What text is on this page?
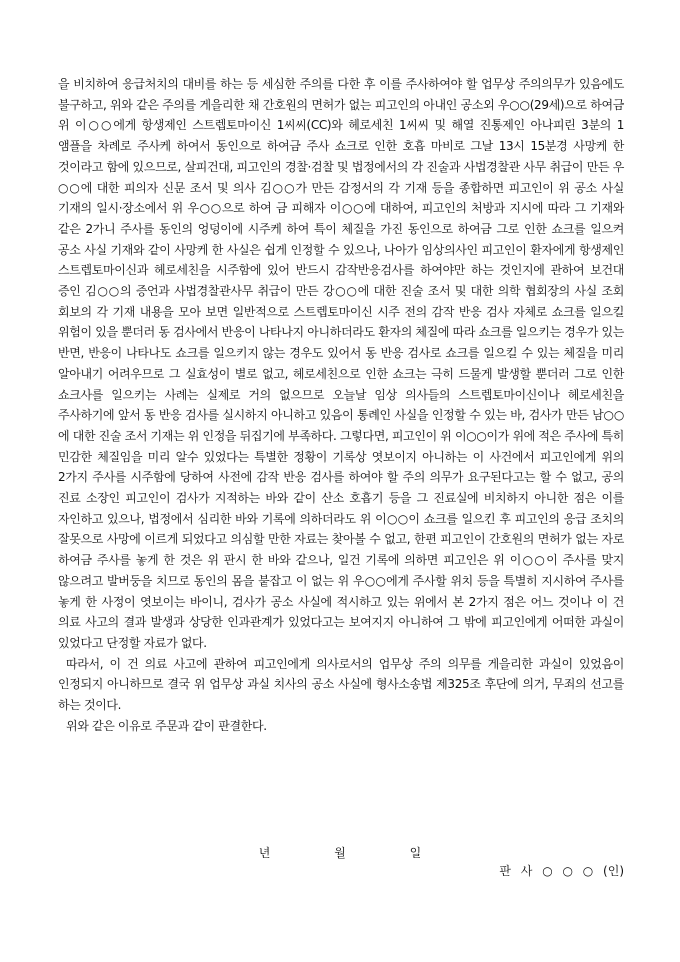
을 비치하여 응급처치의 대비를 하는 등 세심한 주의를 다한 후 이를 주사하여야 할 업무상 주의의무가 있음에도 불구하고, 위와 같은 주의를 게을리한 채 간호원의 면허가 없는 피고인의 아내인 공소외 우○○(29세)으로 하여금 위 이○○에게 항생제인 스트렙토마이신 1씨씨(CC)와 헤로세친 1씨씨 및 해열 진통제인 아나피린 3분의 1 앰플을 차례로 주사케 하여서 동인으로 하여금 주사 쇼크로 인한 호흡 마비로 그날 13시 15분경 사망케 한 것이라고 함에 있으므로, 살피건대, 피고인의 경찰·검찰 및 법정에서의 각 진술과 사법경찰관 사무 취급이 만든 우○○에 대한 피의자 신문 조서 및 의사 김○○가 만든 감정서의 각 기재 등을 종합하면 피고인이 위 공소 사실 기재의 일시·장소에서 위 우○○으로 하여 금 피해자 이○○에 대하여, 피고인의 처방과 지시에 따라 그 기재와 같은 2가니 주사를 동인의 엉덩이에 시주케 하여 특이 체질을 가진 동인으로 하여금 그로 인한 쇼크를 일으켜 공소 사실 기재와 같이 사망케 한 사실은 쉽게 인정할 수 있으나, 나아가 임상의사인 피고인이 환자에게 항생제인 스트렙토마이신과 헤로세친을 시주함에 있어 반드시 감작반응검사를 하여야만 하는 것인지에 관하여 보건대 증인 김○○의 증언과 사법경찰관사무 취급이 만든 강○○에 대한 진술 조서 및 대한 의학 협회장의 사실 조회 회보의 각 기재 내용을 모아 보면 일반적으로 스트렙토마이신 시주 전의 감작 반응 검사 자체로 쇼크를 일으킬 위험이 있을 뿐더러 동 검사에서 반응이 나타나지 아니하더라도 환자의 체질에 따라 쇼크를 일으키는 경우가 있는 반면, 반응이 나타나도 쇼크를 일으키지 않는 경우도 있어서 동 반응 검사로 쇼크를 일으킬 수 있는 체질을 미리 알아내기 어려우므로 그 실효성이 별로 없고, 헤로세친으로 인한 쇼크는 극히 드물게 발생할 뿐더러 그로 인한 쇼크사를 일으키는 사례는 실제로 거의 없으므로 오늘날 임상 의사들의 스트렙토마이신이나 헤로세친을 주사하기에 앞서 동 반응 검사를 실시하지 아니하고 있음이 통례인 사실을 인정할 수 있는 바, 검사가 만든 남○○에 대한 진술 조서 기재는 위 인정을 뒤집기에 부족하다. 그렇다면, 피고인이 위 이○○이가 위에 적은 주사에 특히 민감한 체질임을 미리 알수 있었다는 특별한 정황이 기록상 엿보이지 아니하는 이 사건에서 피고인에게 위의 2가지 주사를 시주함에 당하여 사전에 감작 반응 검사를 하여야 할 주의 의무가 요구된다고는 할 수 없고, 공의 진료 소장인 피고인이 검사가 지적하는 바와 같이 산소 호흡기 등을 그 진료실에 비치하지 아니한 점은 이를 자인하고 있으나, 법정에서 심리한 바와 기록에 의하더라도 위 이○○이 쇼크를 일으킨 후 피고인의 응급 조치의 잘못으로 사망에 이르게 되었다고 의심할 만한 자료는 찾아볼 수 없고, 한편 피고인이 간호원의 면허가 없는 자로 하여금 주사를 놓게 한 것은 위 판시 한 바와 같으나, 일건 기록에 의하면 피고인은 위 이○○이 주사를 맞지 않으려고 발버둥을 치므로 동인의 몸을 붙잡고 이 없는 위 우○○에게 주사할 위치 등을 특별히 지시하여 주사를 놓게 한 사정이 엿보이는 바이니, 검사가 공소 사실에 적시하고 있는 위에서 본 2가지 점은 어느 것이나 이 건 의료 사고의 결과 발생과 상당한 인과관계가 있었다고는 보여지지 아니하여 그 밖에 피고인에게 어떠한 과실이 있었다고 단정할 자료가 없다.

따라서, 이 건 의료 사고에 관하여 피고인에게 의사로서의 업무상 주의 의무를 게을리한 과실이 있었음이 인정되지 아니하므로 결국 위 업무상 과실 치사의 공소 사실에 형사소송법 제325조 후단에 의거, 무죄의 선고를 하는 것이다.

위와 같은 이유로 주문과 같이 판결한다.

년	월	일
판 사 ○ ○ ○ (인)
